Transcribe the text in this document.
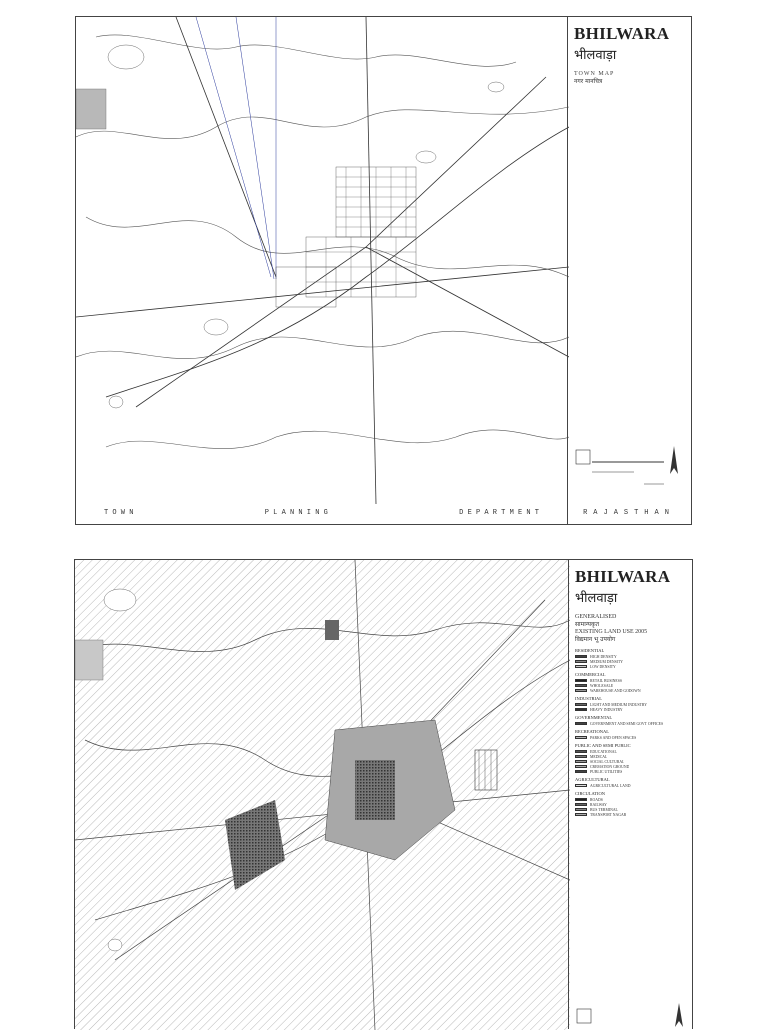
T O W N	P L A N N I N G	D E P A R T M E N T	RAJASTHAN
BHILWARA
भीलवाड़ा
TOWN MAP
नगर मानचित्र
BHILWARA
भीलवाड़ा
GENERALISED
सामान्यकृत
EXISTING LAND USE 2005
विद्यमान भू उपयोग
RESIDENTIAL
HIGH DENSITY
MEDIUM DENSITY
LOW DENSITY
COMMERCIAL
RETAIL BUSINESS
WHOLESALE
WAREHOUSE AND GODOWN
INDUSTRIAL
LIGHT AND MEDIUM INDUSTRY
HEAVY INDUSTRY
GOVERNMENTAL
GOVERNMENT AND SEMI GOVT OFFICES
RECREATIONAL
PARKS AND OPEN SPACES
PUBLIC AND SEMI PUBLIC
EDUCATIONAL
MEDICAL
SOCIAL CULTURAL
CREMATION GROUND
PUBLIC UTILITIES
AGRICULTURAL
AGRICULTURAL LAND
CIRCULATION
ROADS
RAILWAY
BUS TERMINAL
TRANSPORT NAGAR
